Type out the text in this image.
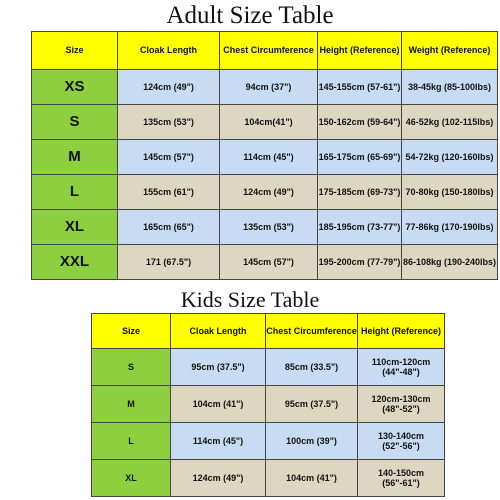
Adult Size Table
Size	Cloak Length	Chest Circumference	Height (Reference)	Weight (Reference)
XS	124cm (49")	94cm (37")	145-155cm (57-61")	38-45kg (85-100lbs)
S	135cm (53")	104cm(41")	150-162cm (59-64")	46-52kg (102-115lbs)
M	145cm (57")	114cm (45")	165-175cm (65-69")	54-72kg (120-160lbs)
L	155cm (61")	124cm (49")	175-185cm (69-73")	70-80kg (150-180lbs)
XL	165cm (65")	135cm (53")	185-195cm (73-77")	77-86kg (170-190lbs)
XXL	171 (67.5")	145cm (57")	195-200cm (77-79")	86-108kg (190-240lbs)
Kids Size Table
Size	Cloak Length	Chest Circumference	Height (Reference)
S	95cm (37.5")	85cm (33.5")	110cm-120cm (44"-48")
M	104cm (41")	95cm (37.5")	120cm-130cm (48"-52")
L	114cm (45")	100cm (39")	130-140cm (52"-56")
XL	124cm (49")	104cm (41")	140-150cm (56"-61")
